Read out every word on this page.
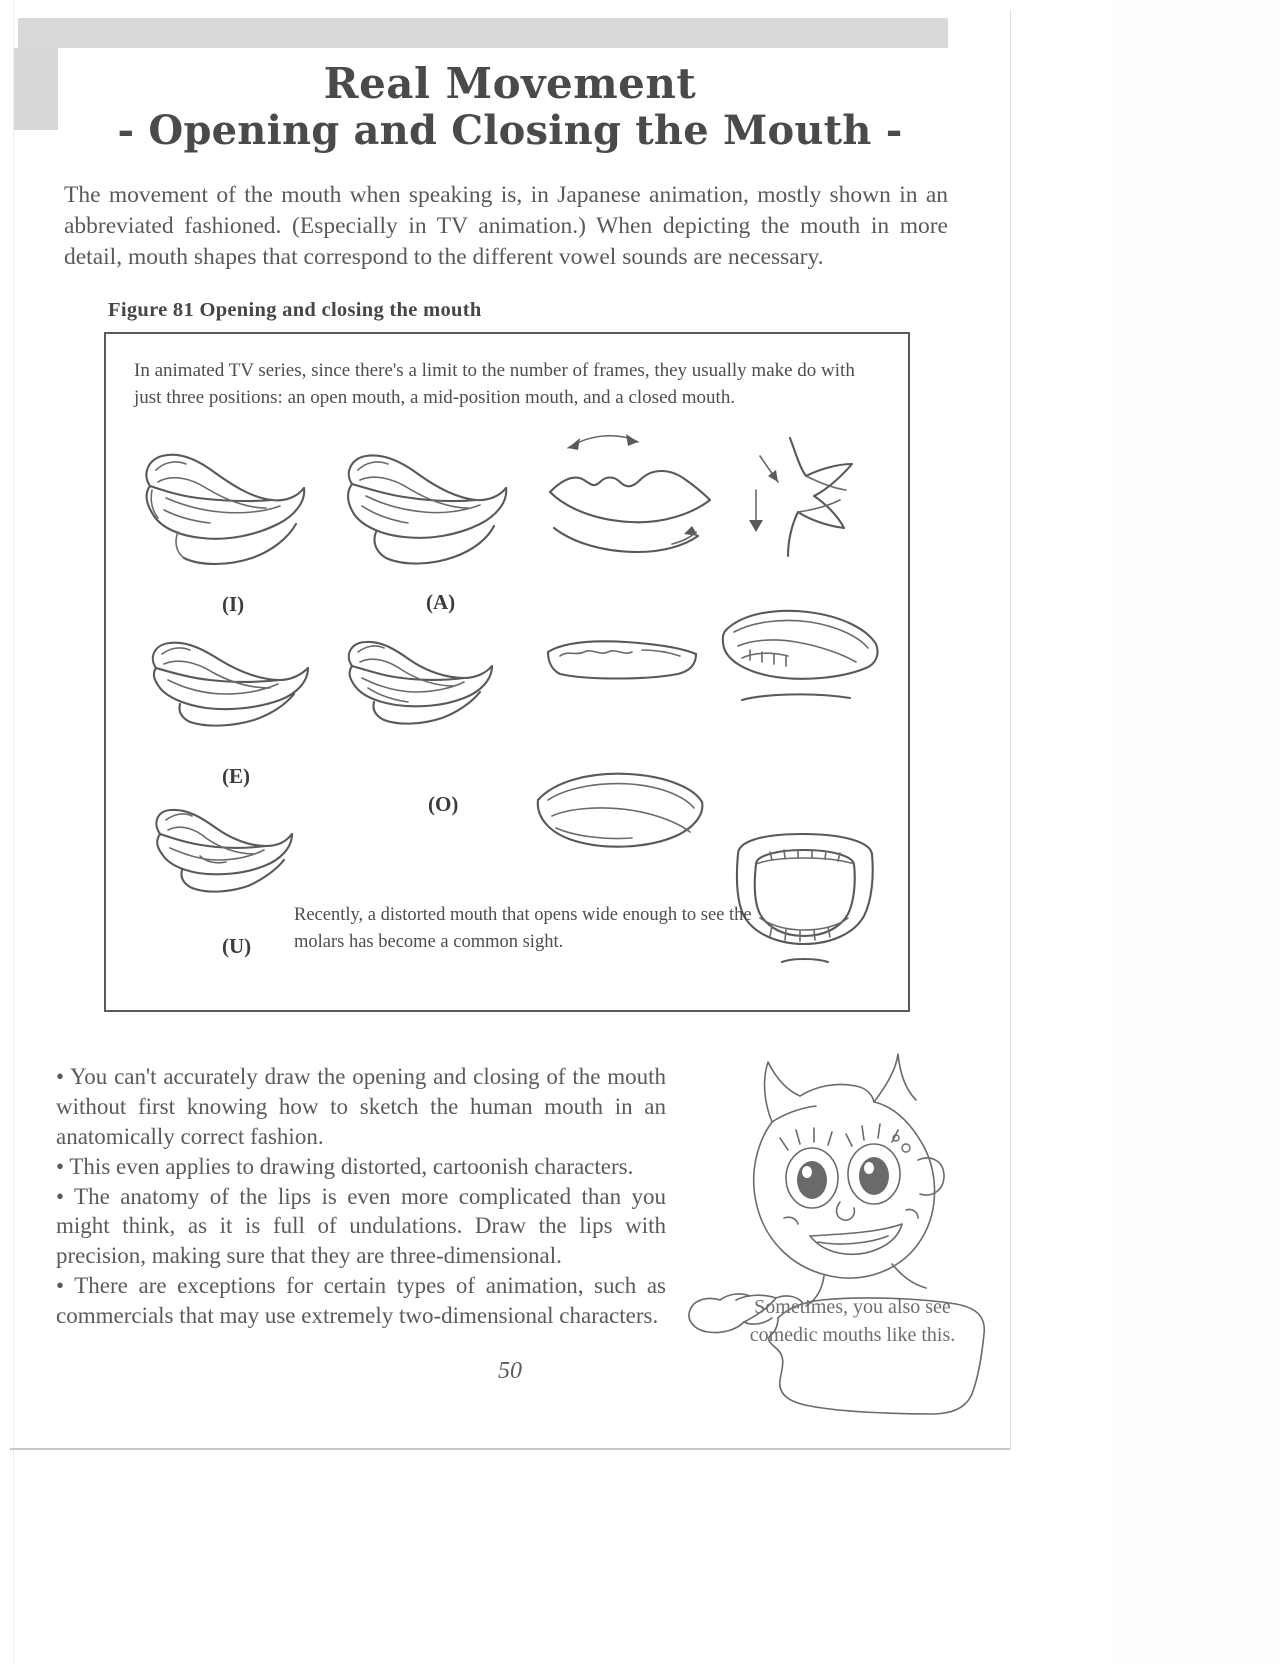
Real Movement
- Opening and Closing the Mouth -
The movement of the mouth when speaking is, in Japanese animation, mostly shown in an abbreviated fashioned. (Especially in TV animation.) When depicting the mouth in more detail, mouth shapes that correspond to the different vowel sounds are necessary.
Figure 81 Opening and closing the mouth
In animated TV series, since there's a limit to the number of frames, they usually make do with just three positions: an open mouth, a mid-position mouth, and a closed mouth.
(I)	(A)
(E)
(O)
(U)
Recently, a distorted mouth that opens wide enough to see the molars has become a common sight.

• You can't accurately draw the opening and closing of the mouth without first knowing how to sketch the human mouth in an anatomically correct fashion.

• This even applies to drawing distorted, cartoonish characters.

• The anatomy of the lips is even more complicated than you might think, as it is full of undulations. Draw the lips with precision, making sure that they are three-dimensional.

• There are exceptions for certain types of animation, such as commercials that may use extremely two-dimensional characters.	Sometimes, you also see comedic mouths like this.
50
